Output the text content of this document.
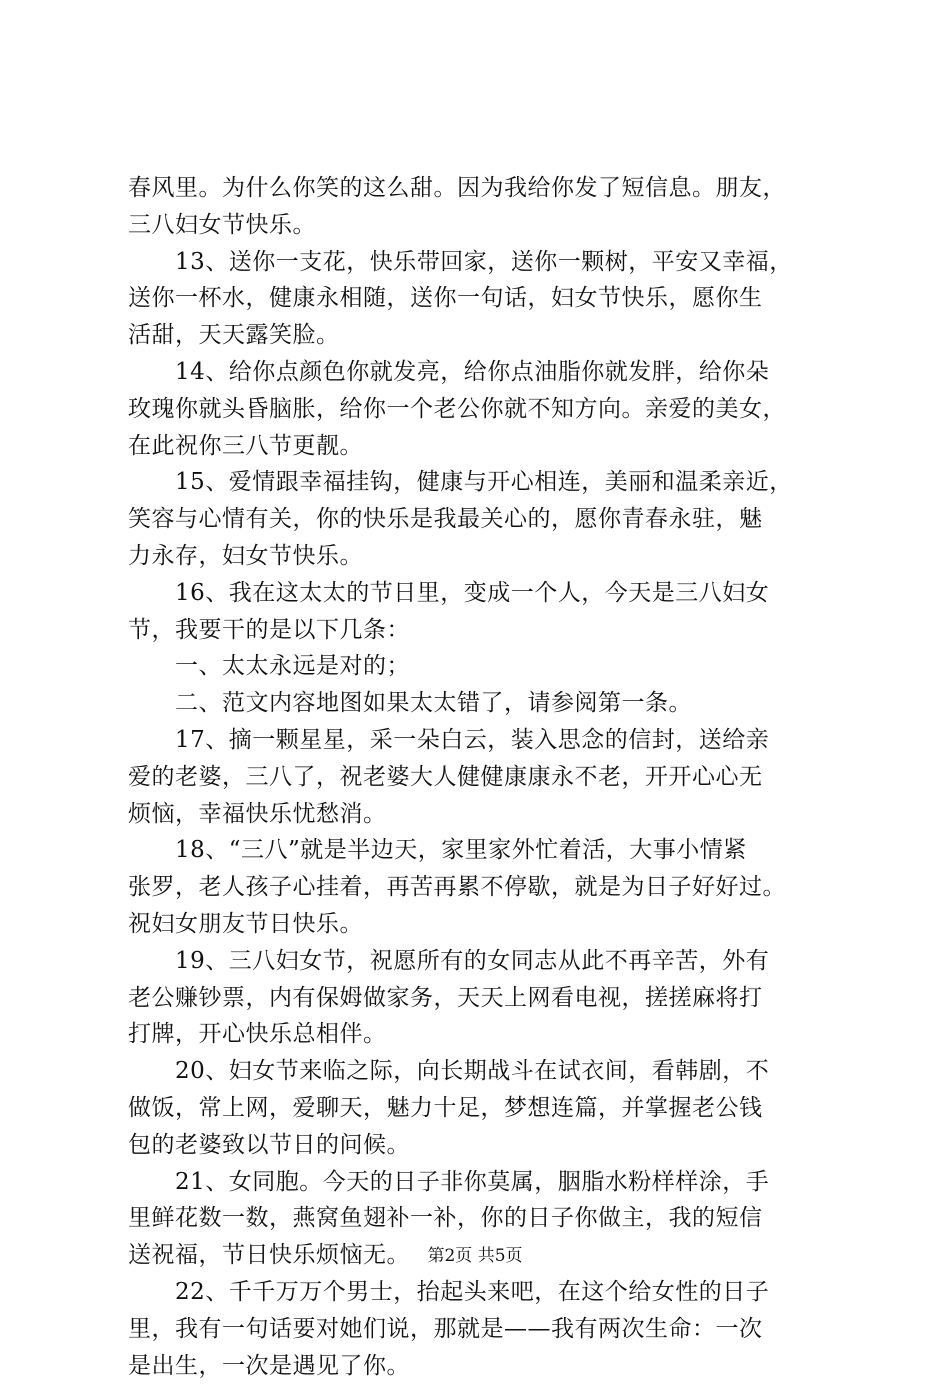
春风里。为什么你笑的这么甜。因为我给你发了短信息。朋友，
三八妇女节快乐。
13、送你一支花，快乐带回家，送你一颗树，平安又幸福，
送你一杯水，健康永相随，送你一句话，妇女节快乐，愿你生
活甜，天天露笑脸。
14、给你点颜色你就发亮，给你点油脂你就发胖，给你朵
玫瑰你就头昏脑胀，给你一个老公你就不知方向。亲爱的美女，
在此祝你三八节更靓。
15、爱情跟幸福挂钩，健康与开心相连，美丽和温柔亲近，
笑容与心情有关，你的快乐是我最关心的，愿你青春永驻，魅
力永存，妇女节快乐。
16、我在这太太的节日里，变成一个人，今天是三八妇女
节，我要干的是以下几条：
一、太太永远是对的；
二、范文内容地图如果太太错了，请参阅第一条。
17、摘一颗星星，采一朵白云，装入思念的信封，送给亲
爱的老婆，三八了，祝老婆大人健健康康永不老，开开心心无
烦恼，幸福快乐忧愁消。
18、“三八”就是半边天，家里家外忙着活，大事小情紧
张罗，老人孩子心挂着，再苦再累不停歇，就是为日子好好过。
祝妇女朋友节日快乐。
19、三八妇女节，祝愿所有的女同志从此不再辛苦，外有
老公赚钞票，内有保姆做家务，天天上网看电视，搓搓麻将打
打牌，开心快乐总相伴。
20、妇女节来临之际，向长期战斗在试衣间，看韩剧，不
做饭，常上网，爱聊天，魅力十足，梦想连篇，并掌握老公钱
包的老婆致以节日的问候。
21、女同胞。今天的日子非你莫属，胭脂水粉样样涂，手
里鲜花数一数，燕窝鱼翅补一补，你的日子你做主，我的短信
送祝福，节日快乐烦恼无。
22、千千万万个男士，抬起头来吧，在这个给女性的日子
里，我有一句话要对她们说，那就是——我有两次生命：一次
是出生，一次是遇见了你。
第2页 共5页
